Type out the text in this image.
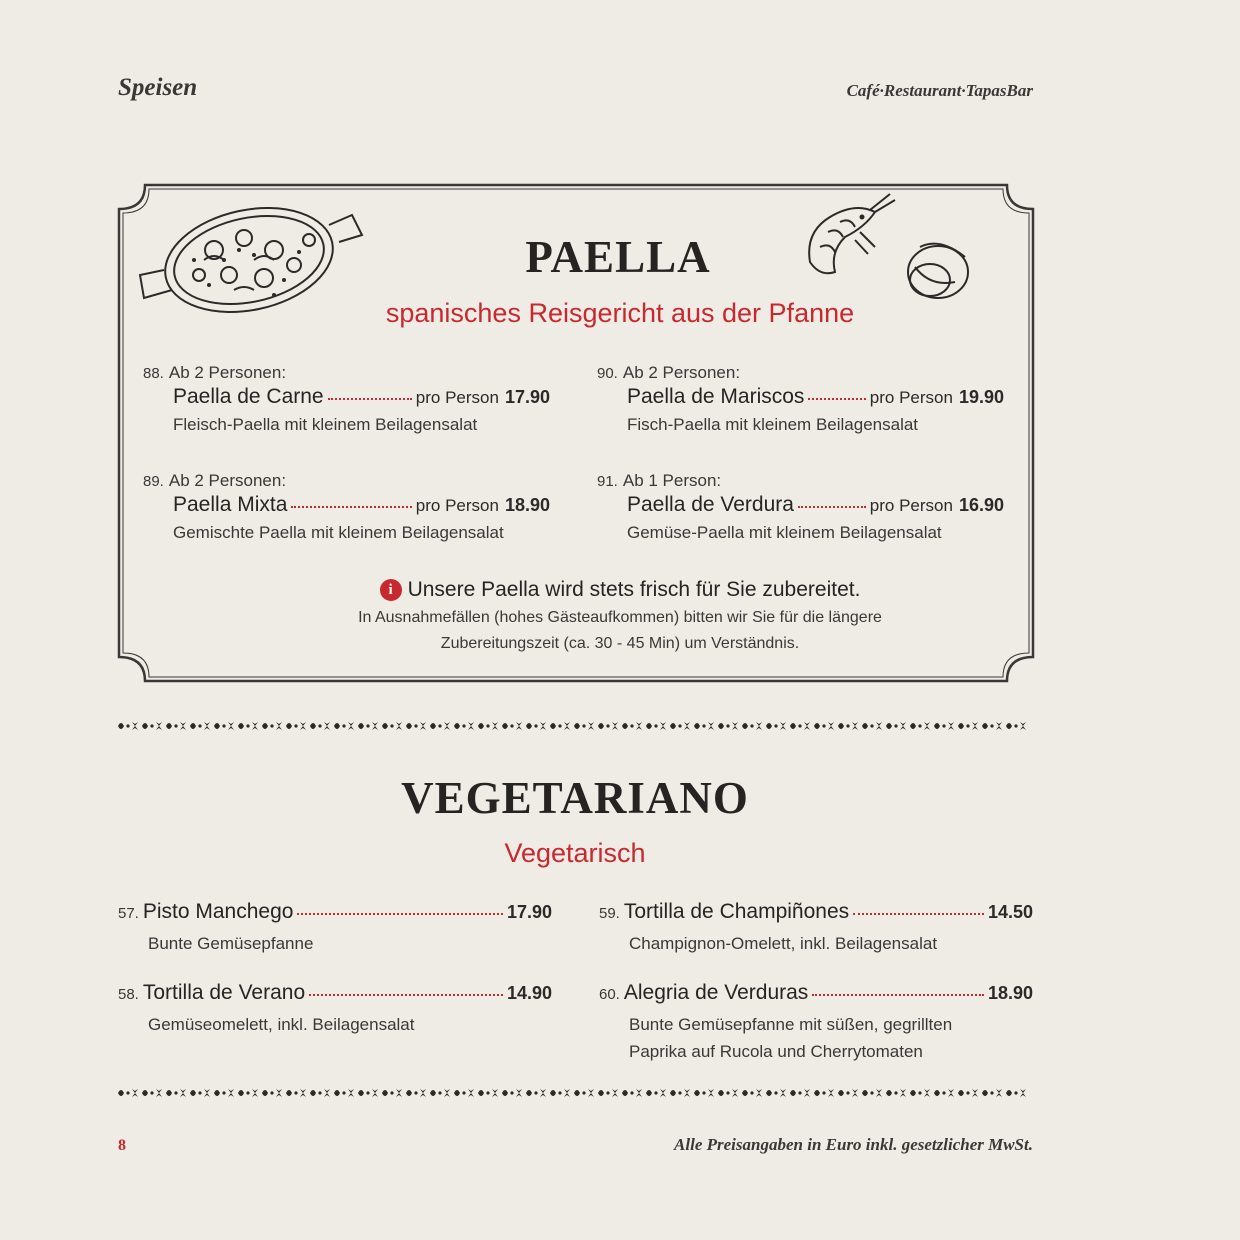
Speisen	Café·Restaurant·TapasBar
PAELLA
spanisches Reisgericht aus der Pfanne
88. Ab 2 Personen:
Paella de Carne	pro Person 17.90
Fleisch-Paella mit kleinem Beilagensalat
89. Ab 2 Personen:
Paella Mixta	pro Person 18.90
Gemischte Paella mit kleinem Beilagensalat
90. Ab 2 Personen:
Paella de Mariscos	pro Person 19.90
Fisch-Paella mit kleinem Beilagensalat
91. Ab 1 Person:
Paella de Verdura	pro Person 16.90
Gemüse-Paella mit kleinem Beilagensalat
i Unsere Paella wird stets frisch für Sie zubereitet.
In Ausnahmefällen (hohes Gästeaufkommen) bitten wir Sie für die längere
Zubereitungszeit (ca. 30 - 45 Min) um Verständnis.
VEGETARIANO
Vegetarisch
57. Pisto Manchego	17.90
Bunte Gemüsepfanne
58. Tortilla de Verano	14.90
Gemüseomelett, inkl. Beilagensalat
59. Tortilla de Champiñones	14.50
Champignon-Omelett, inkl. Beilagensalat
60. Alegria de Verduras	18.90
Bunte Gemüsepfanne mit süßen, gegrillten
Paprika auf Rucola und Cherrytomaten
8	Alle Preisangaben in Euro inkl. gesetzlicher MwSt.
